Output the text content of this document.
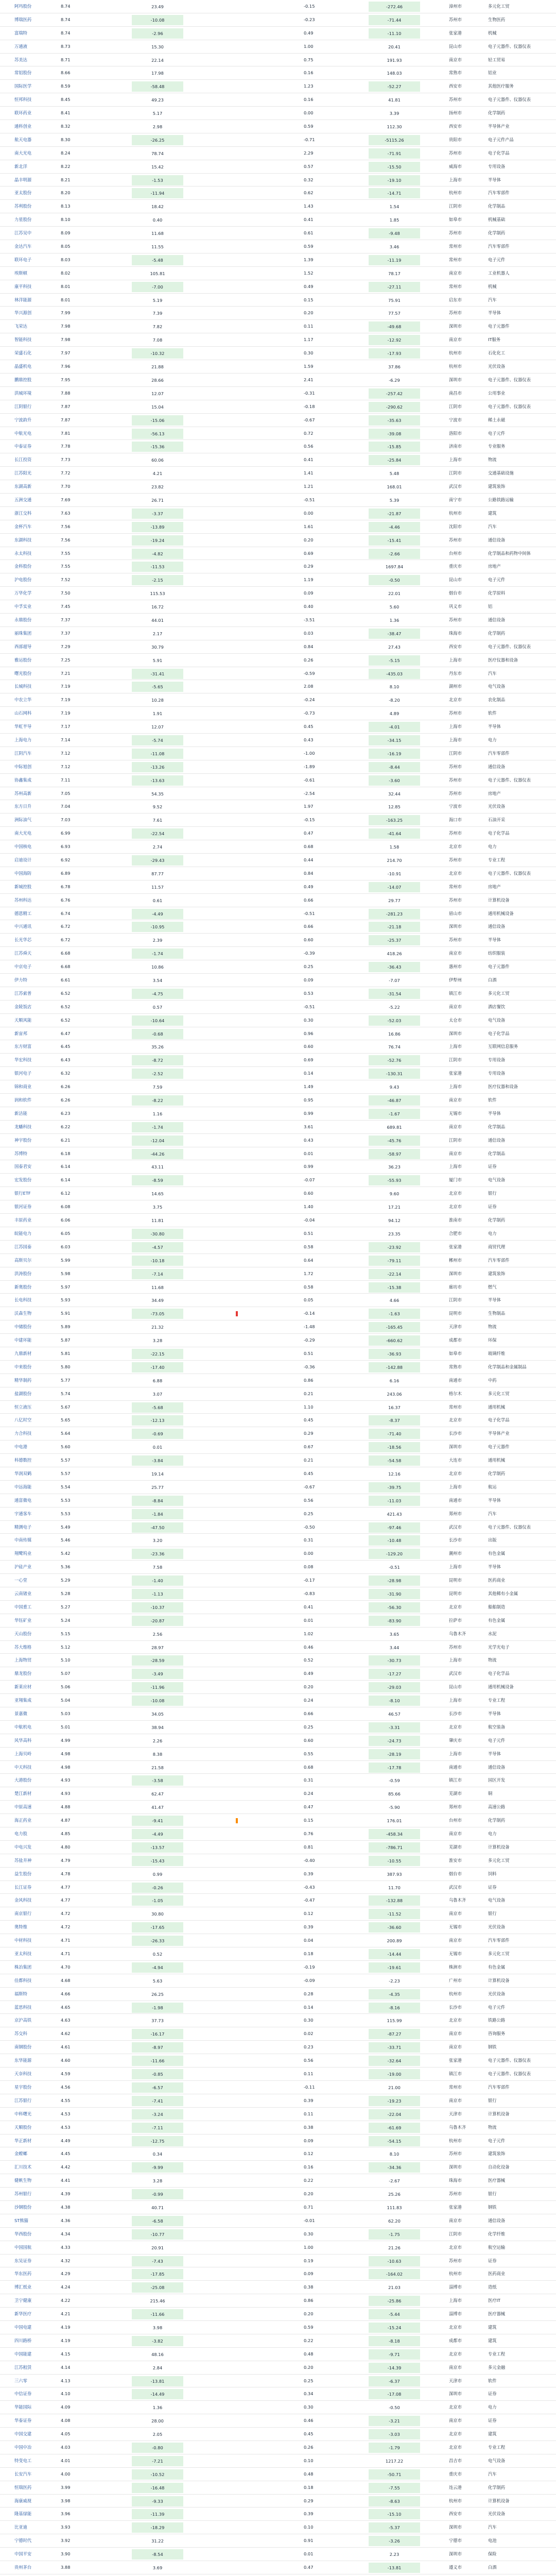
阿玛股份	8.74	23.49	-0.15	-272.46	漳州市	多元化工贸
博瑞医药	8.74	-10.08	-0.23	-71.44	苏州市	生物医药
富瑞特	8.74	-2.96	0.49	-11.10	张家港	机械
万通液	8.73	15.30	1.00	20.41	昆山市	电子元器件、仪器仪表
苏美达	8.71	22.14	0.75	191.93	南京市	轻工贸易
常铝股份	8.66	17.98	0.16	148.03	常熟市	铝业
国际医学	8.59	-58.48	1.23	-52.27	西安市	其他医疗服务
恒邦科技	8.45	49.23	0.16	41.81	苏州市	电子元器件、仪器仪表
联环药业	8.41	5.17	0.00	3.39	扬州市	化学制药
通科创业	8.32	2.98	0.59	112.30	西安市	半导体产业
航天电器	8.30	-26.25	-0.71	-5115.26	贵阳市	电子元件产品
南大光电	8.24	78.74	2.29	-71.91	苏州市	电子化学品
新北洋	8.22	15.42	0.57	-15.50	威海市	专用设备
晶丰明源	8.21	-1.53	0.32	-19.10	上海市	半导体
亚太股份	8.20	-11.94	0.62	-14.71	杭州市	汽车零部件
苏利股份	8.13	18.42	1.43	1.54	江阴市	化学制品
力星股份	8.10	0.40	0.41	1.85	如皋市	机械基础
江苏吴中	8.09	11.68	0.61	-9.48	苏州市	化学制药
金达汽车	8.05	11.55	0.59	3.46	常州市	汽车零部件
联环电子	8.03	-5.48	1.39	-11.19	常州市	电子元件
埃斯顿	8.02	105.81	1.52	78.17	南京市	工业机器人
康平科技	8.01	-7.00	0.49	-27.11	常州市	机械
林洋能源	8.01	5.19	0.15	75.91	启东市	汽车
华兴源创	7.99	7.39	0.20	77.57	苏州市	半导体
飞荣达	7.98	7.82	0.11	-49.68	深圳市	电子元器件
智能科技	7.98	7.08	1.17	-12.92	南京市	IT服务
荣盛石化	7.97	-10.32	0.30	-17.93	杭州市	石化化工
晶盛机电	7.96	21.88	1.59	37.86	杭州市	光伏设备
鹏鼎控股	7.95	28.66	2.41	-6.29	深圳市	电子元器件、仪器仪表
洪城环境	7.88	12.07	-0.31	-257.42	南昌市	公用事业
江阴银行	7.87	15.04	-0.18	-290.62	江阴市	电子元器件、仪器仪表
宁波韵升	7.87	-15.06	-0.67	-35.63	宁波市	稀土永磁
中航光电	7.81	-56.13	0.72	-39.08	洛阳市	电子元件
中泰证券	7.78	-15.36	0.56	-15.85	济南市	专业服务
长江投资	7.73	60.06	0.41	-25.84	上海市	物流
江苏阳光	7.72	4.21	1.41	5.48	江阴市	交通基础设施
东湖高新	7.70	23.82	1.21	168.01	武汉市	建筑装饰
五洲交通	7.69	26.71	-0.51	5.39	南宁市	公路铁路运输
浙江交科	7.63	-3.37	0.00	-21.87	杭州市	建筑
金杯汽车	7.56	-13.89	1.61	-4.46	沈阳市	汽车
东湖科技	7.56	-19.24	0.20	-15.41	苏州市	通信设备
永太科技	7.55	-4.82	0.69	-2.66	台州市	化学制品和药物中间体
金科股份	7.55	-11.53	0.29	1697.84	重庆市	房地产
沪电股份	7.52	-2.15	1.19	-0.50	昆山市	电子元件
万华化学	7.50	115.53	0.09	22.01	烟台市	化学原料
中孚实业	7.45	16.72	0.40	5.60	巩义市	铝
永鼎股份	7.37	44.01	-3.51	1.36	苏州市	通信设备
丽珠集团	7.37	2.17	0.03	-38.47	珠海市	化学制药
西部超导	7.29	30.79	0.84	27.43	西安市	电子元器件、仪器仪表
雅运股份	7.25	5.91	0.26	-5.15	上海市	医疗仪器和设备
曙光股份	7.21	-31.41	-0.59	-435.03	丹东市	汽车
长城科技	7.19	-5.65	2.08	8.10	湖州市	电气设备
中农立华	7.19	10.28	-0.24	-8.20	北京市	农化制品
山石网科	7.19	1.91	-0.73	4.89	苏州市	软件
华虹半导	7.17	12.07	0.45	-4.01	上海市	半导体
上海电力	7.14	-5.74	0.43	-34.15	上海市	电力
江阴汽车	7.12	-11.08	-1.00	-16.19	江阴市	汽车零部件
中际旭创	7.12	-13.26	-1.89	-8.44	苏州市	通信设备
协鑫集成	7.11	-13.63	-0.61	-3.60	苏州市	电子元器件、仪器仪表
苏州高新	7.05	54.35	-2.54	32.44	苏州市	房地产
东方日升	7.04	9.52	1.97	12.85	宁波市	光伏设备
洲际油气	7.03	7.61	-0.15	-163.25	海口市	石油开采
南大光电	6.99	-22.54	0.47	-41.64	苏州市	电子化学品
中国核电	6.93	2.74	0.68	1.58	北京市	电力
启迪设计	6.92	-29.43	0.44	214.70	苏州市	专业工程
中国海防	6.89	87.77	0.84	-10.91	北京市	电子元器件、仪器仪表
新城控股	6.78	11.57	0.49	-14.07	常州市	房地产
苏州科达	6.76	0.61	0.66	29.77	苏州市	计算机设备
德恩精工	6.74	-4.49	-0.51	-281.23	眉山市	通用机械设备
中兴通讯	6.72	-10.95	0.66	-21.18	深圳市	通信设备
长光华芯	6.72	2.39	0.60	-25.37	苏州市	半导体
江苏舜天	6.68	-1.74	-0.39	418.26	南京市	纺织服装
中京电子	6.68	10.86	0.25	-36.43	惠州市	电子元器件
伊力特	6.61	3.54	0.09	-7.07	伊犁州	白酒
江苏索普	6.52	-4.75	0.53	-31.54	镇江市	多元化工贸
金陵饭店	6.52	0.57	-0.51	-5.22	南京市	酒店餐饮
天顺风能	6.52	-10.64	0.30	-52.03	太仓市	电气设备
新宙邦	6.47	-0.68	0.96	16.86	深圳市	电子化学品
东方财富	6.45	35.26	0.60	76.74	上海市	互联网信息服务
华宏科技	6.43	-8.72	0.69	-52.76	江阴市	专用设备
银河电子	6.32	-2.52	0.14	-130.31	张家港	专用设备
锦和商业	6.26	7.59	1.49	9.43	上海市	医疗仪器和设备
润和软件	6.26	-8.22	0.95	-46.87	南京市	软件
新洁能	6.23	1.16	0.99	-1.67	无锡市	半导体
龙蟠科技	6.22	-1.74	3.61	689.81	南京市	化学制品
神宇股份	6.21	-12.04	0.43	-45.76	江阴市	通信设备
苏博特	6.18	-44.26	0.01	-58.97	南京市	化学制品
国泰君安	6.14	43.11	0.99	36.23	上海市	证券
宏发股份	6.14	-8.59	-0.07	-55.93	厦门市	电气设备
银行ETF	6.12	14.65	0.60	9.60	北京市	银行
银河证券	6.08	3.75	1.40	17.21	北京市	证券
丰原药业	6.06	11.81	-0.04	94.12	淮南市	化学制药
皖能电力	6.05	-30.80	0.51	23.35	合肥市	电力
江苏国泰	6.03	-4.57	0.58	-23.92	张家港	商贸代理
高斯贝尔	5.99	-10.18	0.64	-79.11	郴州市	汽车零部件
洪涛股份	5.98	-7.14	1.72	-22.14	深圳市	建筑装饰
新奥股份	5.97	11.68	0.58	-15.38	廊坊市	燃气
长电科技	5.93	34.49	0.05	4.66	江阴市	半导体
沃森生物	5.91	-73.05	-0.14	-1.63	昆明市	生物制品
中储股份	5.89	21.32	-1.48	-165.45	天津市	物流
中建环能	5.87	3.28	-0.29	-660.62	成都市	环保
九鼎新材	5.81	-22.15	0.51	-36.93	如皋市	玻璃纤维
中来股份	5.80	-17.40	-0.36	-142.88	常熟市	化学制品和金属制品
精华制药	5.77	6.88	0.86	6.16	南通市	中药
盐湖股份	5.74	3.07	0.21	243.06	格尔木	多元化工贸
恒立液压	5.67	-5.68	1.10	16.37	常州市	通用机械
八亿时空	5.65	-12.13	0.45	-8.37	北京市	电子化学品
力合科技	5.64	-0.69	0.29	-71.40	长沙市	半导体产业
中电港	5.60	0.01	0.67	-18.56	深圳市	电子元器件
科德数控	5.57	-3.84	0.21	-54.58	大连市	通用机械
华润双鹤	5.57	19.14	0.45	12.16	北京市	化学制药
中远海能	5.54	25.77	-0.67	-39.75	上海市	航运
通富微电	5.53	-8.84	0.56	-11.03	南通市	半导体
宇通客车	5.53	-1.84	0.25	421.43	郑州市	汽车
精测电子	5.49	-47.50	-0.50	-97.46	武汉市	电子元器件、仪器仪表
中南传媒	5.46	3.20	0.31	-10.48	长沙市	出版
翔鹭钨业	5.42	-23.36	0.00	-129.20	潮州市	有色金属
沪硅产业	5.36	7.58	0.08	-0.51	上海市	半导体
一心堂	5.29	-1.40	-0.17	-28.98	昆明市	医药商业
云南锗业	5.28	-1.13	-0.83	-31.90	昆明市	其他稀有小金属
中国重工	5.27	-10.37	0.41	-56.30	北京市	船舶制造
华钰矿业	5.24	-20.87	0.01	-83.90	拉萨市	有色金属
天山股份	5.15	2.56	1.02	3.65	乌鲁木齐	水泥
苏大维格	5.12	28.97	0.46	3.44	苏州市	光学光电子
上海物贸	5.10	-28.59	0.52	-30.73	上海市	物流
鼎龙股份	5.07	-3.49	0.49	-17.27	武汉市	电子化学品
新莱应材	5.06	-11.96	0.20	-29.03	昆山市	通用机械设备
亚翔集成	5.04	-10.08	0.24	-8.10	上海市	专业工程
景嘉微	5.03	34.05	0.66	46.57	长沙市	半导体
中航机电	5.01	38.94	0.25	-3.31	北京市	航空装备
风华高科	4.99	2.26	0.60	-24.73	肇庆市	电子元件
上海贝岭	4.98	8.38	0.55	-28.19	上海市	半导体
中天科技	4.98	21.58	0.68	-17.78	南通市	通信设备
大港股份	4.93	-3.58	0.31	-0.59	镇江市	园区开发
楚江新材	4.93	62.47	0.24	85.66	芜湖市	铜
中原高速	4.88	41.47	0.47	-5.90	郑州市	高速公路
海正药业	4.87	-9.41	0.15	176.01	台州市	化学制药
电力股	4.85	-4.49	0.76	-458.34	南京市	电力
中电兴发	4.80	-13.57	0.81	-786.71	芜湖市	计算机设备
苏盐井神	4.79	-15.43	-0.40	-10.55	淮安市	多元化工贸
益生股份	4.78	0.99	0.39	387.93	烟台市	饲料
长江证券	4.77	-0.26	-0.43	11.70	武汉市	证券
金风科技	4.77	-1.05	-0.47	-132.88	乌鲁木齐	电气设备
南京银行	4.72	30.80	0.12	-11.52	南京市	银行
奥特维	4.72	-17.65	0.39	-36.60	无锡市	光伏设备
中材科技	4.71	-26.33	0.04	200.89	南京市	汽车零部件
亚太科技	4.71	0.52	0.18	-14.44	无锡市	多元化工贸
株冶集团	4.70	-4.94	-0.19	-19.61	株洲市	有色金属
佳都科技	4.68	5.63	-0.09	-2.23	广州市	计算机设备
福斯特	4.66	26.25	0.28	-4.35	杭州市	光伏设备
蓝思科技	4.65	-1.98	0.14	-8.16	长沙市	电子元件
京沪高铁	4.63	37.73	0.30	115.99	北京市	铁路公路
苏交科	4.62	-16.17	0.02	-87.27	南京市	咨询服务
南钢股份	4.61	-8.97	0.23	-33.71	南京市	钢铁
东华能源	4.60	-11.66	0.56	-32.64	张家港	电子元器件、仪器仪表
天奈科技	4.59	-0.85	0.11	-19.00	镇江市	电子元器件、仪器仪表
星宇股份	4.56	-6.57	-0.11	21.00	常州市	汽车零部件
江苏银行	4.55	-7.41	0.39	-19.23	南京市	银行
中科曙光	4.53	-3.24	0.11	-22.04	天津市	计算机设备
天顺股份	4.53	-7.11	0.38	-61.69	乌鲁木齐	物流
华正新材	4.49	-12.75	0.09	-54.15	杭州市	电子元件
金螳螂	4.45	0.34	0.12	8.10	苏州市	建筑装饰
汇川技术	4.42	-9.99	0.16	-34.36	深圳市	自动化设备
健帆生物	4.41	3.28	0.22	-2.67	珠海市	医疗器械
苏州银行	4.39	-0.99	0.20	25.26	苏州市	银行
沙钢股份	4.38	40.71	0.71	111.83	张家港	钢铁
ST熊猫	4.36	-6.58	-0.01	62.20	南京市	通信设备
华西股份	4.34	-10.77	0.30	-1.75	江阴市	化学纤维
中国国航	4.33	20.91	1.00	21.26	北京市	航空运输
东吴证券	4.32	-7.43	0.19	-10.63	苏州市	证券
华东医药	4.29	-17.85	0.09	-164.02	杭州市	医药商业
博汇纸业	4.24	-25.08	0.38	21.03	淄博市	造纸
卫宁健康	4.22	215.46	0.86	-25.86	上海市	医疗IT
新华医疗	4.21	-11.66	0.20	-5.44	淄博市	医疗器械
中国电建	4.19	3.98	0.59	-15.24	北京市	建筑
四川路桥	4.19	-3.82	0.22	-8.18	成都市	建筑
中国能建	4.15	48.16	0.48	-9.71	北京市	专业工程
江苏租赁	4.14	2.84	0.20	-14.39	南京市	多元金融
三六零	4.13	-13.81	0.25	-6.37	天津市	软件
中信证券	4.10	-14.49	0.34	-17.08	深圳市	证券
华能国际	4.09	1.36	0.30	-0.50	北京市	电力
华泰证券	4.08	28.00	0.46	-3.21	南京市	证券
中国交建	4.05	2.05	0.45	-3.03	北京市	建筑
中国中冶	4.03	-0.80	0.26	-1.79	北京市	专业工程
特变电工	4.01	-7.21	0.10	1217.22	昌吉市	电气设备
长安汽车	4.00	-10.52	0.48	-50.71	重庆市	汽车
恒瑞医药	3.99	-16.48	0.18	-7.55	连云港	化学制药
海康威视	3.98	-9.33	0.29	-8.63	杭州市	计算机设备
隆基绿能	3.96	-11.39	0.39	-15.10	西安市	光伏设备
比亚迪	3.93	-18.29	0.10	-5.37	深圳市	汽车
宁德时代	3.92	31.22	0.91	-3.26	宁德市	电池
中国平安	3.90	-8.54	0.01	2.23	深圳市	保险
贵州茅台	3.88	3.69	0.47	-13.81	遵义市	白酒
